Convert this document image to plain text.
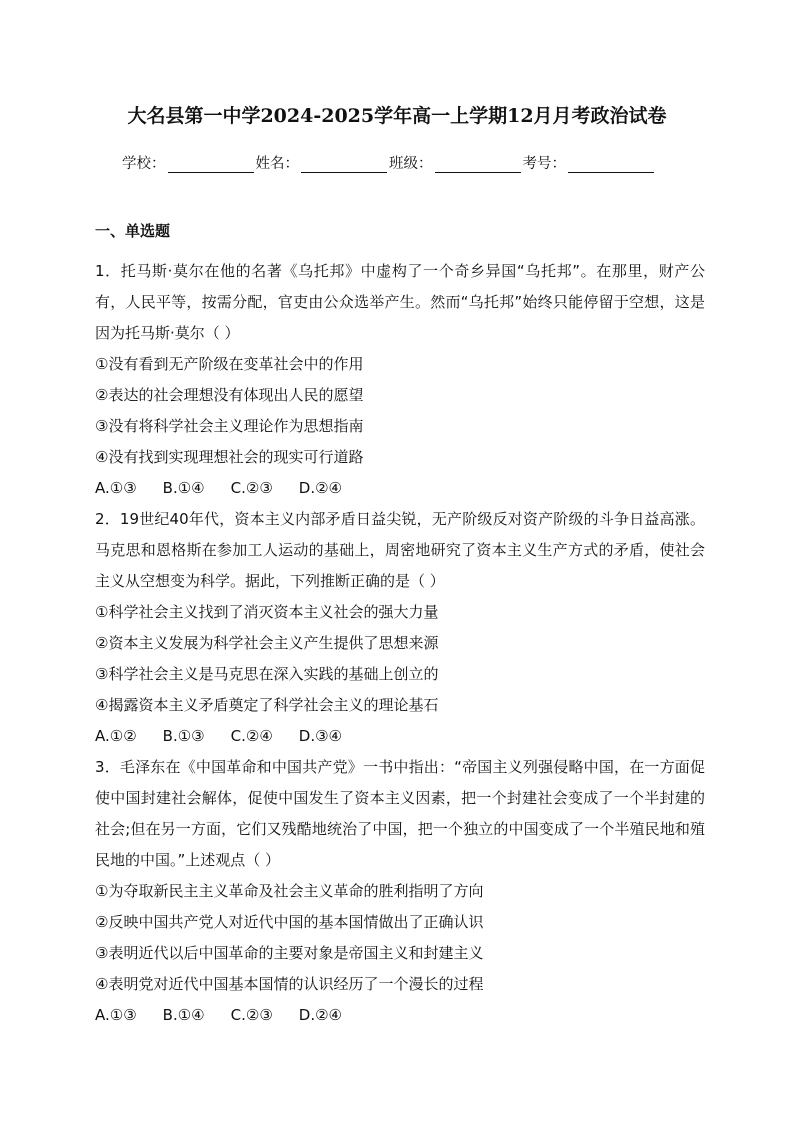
大名县第一中学2024-2025学年高一上学期12月月考政治试卷
学校：	姓名：	班级：	考号：
一、单选题

1．托马斯·莫尔在他的名著《乌托邦》中虚构了一个奇乡异国“乌托邦”。在那里，财产公有，人民平等，按需分配，官吏由公众选举产生。然而“乌托邦”始终只能停留于空想，这是因为托马斯·莫尔（ ）

①没有看到无产阶级在变革社会中的作用

②表达的社会理想没有体现出人民的愿望

③没有将科学社会主义理论作为思想指南

④没有找到实现理想社会的现实可行道路

A.①③ B.①④ C.②③ D.②④

2．19世纪40年代，资本主义内部矛盾日益尖锐，无产阶级反对资产阶级的斗争日益高涨。马克思和恩格斯在参加工人运动的基础上，周密地研究了资本主义生产方式的矛盾，使社会主义从空想变为科学。据此，下列推断正确的是（ ）

①科学社会主义找到了消灭资本主义社会的强大力量

②资本主义发展为科学社会主义产生提供了思想来源

③科学社会主义是马克思在深入实践的基础上创立的

④揭露资本主义矛盾奠定了科学社会主义的理论基石

A.①② B.①③ C.②④ D.③④

3．毛泽东在《中国革命和中国共产党》一书中指出：“帝国主义列强侵略中国，在一方面促使中国封建社会解体，促使中国发生了资本主义因素，把一个封建社会变成了一个半封建的社会;但在另一方面，它们又残酷地统治了中国，把一个独立的中国变成了一个半殖民地和殖民地的中国。”上述观点（ ）

①为夺取新民主主义革命及社会主义革命的胜利指明了方向

②反映中国共产党人对近代中国的基本国情做出了正确认识

③表明近代以后中国革命的主要对象是帝国主义和封建主义

④表明党对近代中国基本国情的认识经历了一个漫长的过程

A.①③ B.①④ C.②③ D.②④
